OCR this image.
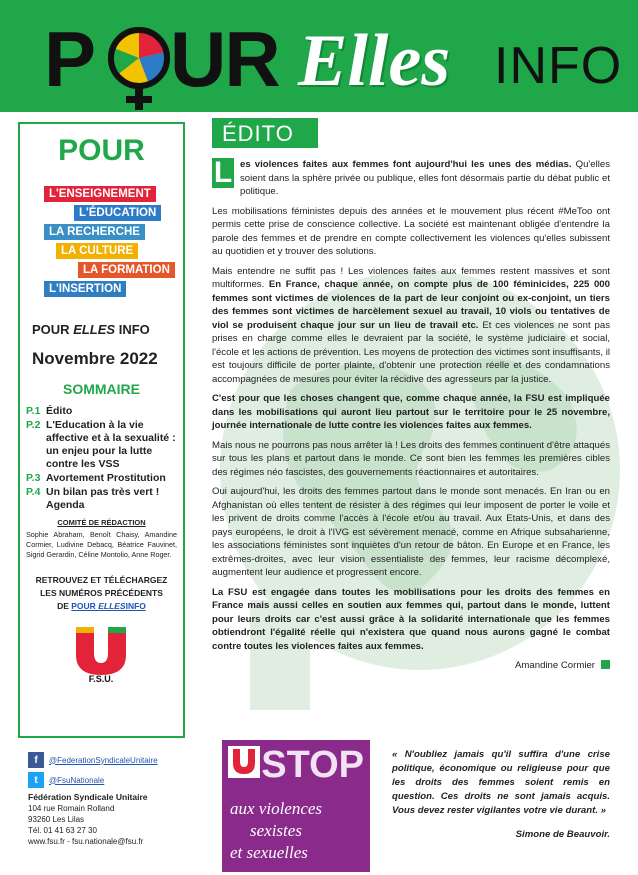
P UR Elles INFO
POUR
L'ENSEIGNEMENT
L'ÉDUCATION
LA RECHERCHE
LA CULTURE
LA FORMATION
L'INSERTION
POUR ELLES INFO
Novembre 2022
SOMMAIRE
P.1 Édito
P.2 L'Education à la vie affective et à la sexualité : un enjeu pour la lutte contre les VSS
P.3 Avortement Prostitution
P.4 Un bilan pas très vert ! Agenda
COMITÉ DE RÉDACTION
Sophie Abraham, Benoît Chaisy, Amandine Cormier, Ludivine Debacq, Béatrice Fauvinet, Sigrid Gerardin, Céline Montolio, Anne Roger.
RETROUVEZ ET TÉLÉCHARGEZ
LES NUMÉROS PRÉCÉDENTS
DE POUR ELLESINFO
U.
F.S.U.
f	@FederationSyndicaleUnitaire
t	@FsuNationale
Fédération Syndicale Unitaire
104 rue Romain Rolland
93260 Les Lilas
Tél. 01 41 63 27 30
www.fsu.fr - fsu.nationale@fsu.fr
ÉDITO
L es violences faites aux femmes font aujourd'hui les unes des médias. Qu'elles soient dans la sphère privée ou publique, elles font désormais partie du débat public et politique.

Les mobilisations féministes depuis des années et le mouvement plus récent #MeToo ont permis cette prise de conscience collective. La société est maintenant obligée d'entendre la parole des femmes et de prendre en compte collectivement les violences qu'elles subissent au quotidien et y trouver des solutions.

Mais entendre ne suffit pas ! Les violences faites aux femmes restent massives et sont multiformes. En France, chaque année, on compte plus de 100 féminicides, 225 000 femmes sont victimes de violences de la part de leur conjoint ou ex-conjoint, un tiers des femmes sont victimes de harcèlement sexuel au travail, 10 viols ou tentatives de viol se produisent chaque jour sur un lieu de travail etc. Et ces violences ne sont pas prises en charge comme elles le devraient par la société, le système judiciaire et social, l'école et les actions de prévention. Les moyens de protection des victimes sont insuffisants, il est toujours difficile de porter plainte, d'obtenir une protection réelle et des condamnations accompagnées de mesures pour éviter la récidive des agresseurs par la justice.

C'est pour que les choses changent que, comme chaque année, la FSU est impliquée dans les mobilisations qui auront lieu partout sur le territoire pour le 25 novembre, journée internationale de lutte contre les violences faites aux femmes.

Mais nous ne pourrons pas nous arrêter là ! Les droits des femmes continuent d'être attaqués sur tous les plans et partout dans le monde. Ce sont bien les femmes les premières cibles des régimes néo fascistes, des gouvernements réactionnaires et autoritaires.

Oui aujourd'hui, les droits des femmes partout dans le monde sont menacés. En Iran ou en Afghanistan où elles tentent de résister à des régimes qui leur imposent de porter le voile et les privent de droits comme l'accès à l'école et/ou au travail. Aux Etats-Unis, et dans des pays européens, le droit à l'IVG est sévèrement menacé, comme en Afrique subsaharienne, les associations féministes sont inquiètes d'un retour de bâton. En Europe et en France, les extrêmes-droites, avec leur vision essentialiste des femmes, leur racisme décomplexé, augmentent leur audience et progressent encore.

La FSU est engagée dans toutes les mobilisations pour les droits des femmes en France mais aussi celles en soutien aux femmes qui, partout dans le monde, luttent pour leurs droits car c'est aussi grâce à la solidarité internationale que les femmes obtiendront l'égalité réelle qui n'existera que quand nous aurons gagné le combat contre toutes les violences faites aux femmes.

Amandine Cormier
STOP
aux violences
sexistes
et sexuelles
« N'oubliez jamais qu'il suffira d'une crise politique, économique ou religieuse pour que les droits des femmes soient remis en question. Ces droits ne sont jamais acquis. Vous devez rester vigilantes votre vie durant. »
Simone de Beauvoir.
